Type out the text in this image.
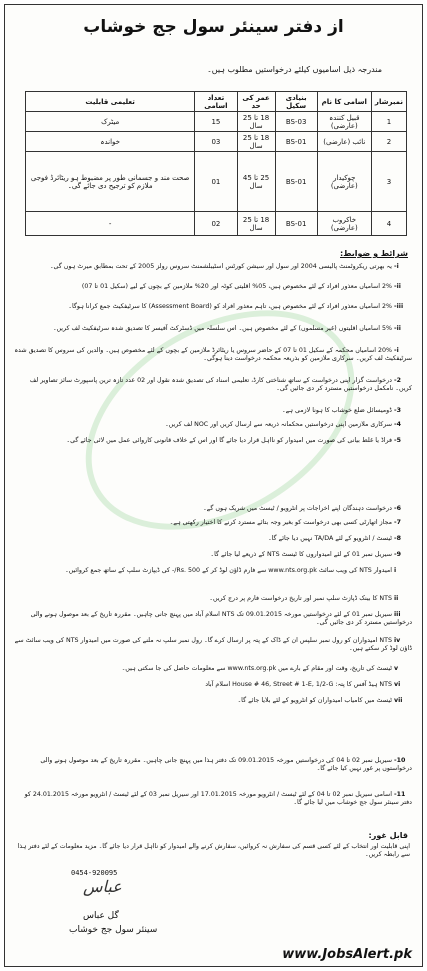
از دفتر سینئر سول جج خوشاب
مندرجہ ذیل اسامیوں کیلئے درخواستیں مطلوب ہیں۔
نمبرشار	اسامی کا نام	بنیادی سکیل	عمر کی حد	تعداد اسامی	تعلیمی قابلیت
1	قبیل کنندہ (عارضی)	BS-03	18 تا 25 سال	15	میٹرک
2	نائب (عارضی)	BS-01	18 تا 25 سال	03	خواندہ
3	چوکیدار (عارضی)	BS-01	25 تا 45 سال	01	صحت مند و جسمانی طور پر مضبوط ہو ریٹائرڈ فوجی ملازم کو ترجیح دی جائے گی۔
4	خاکروب (عارضی)	BS-01	18 تا 25 سال	02	-
شرائط و ضوابط:
i- یہ بھرتی ریکروٹمنٹ پالیسی 2004 اور سول اور سیشن کورٹس اسٹیبلشمنٹ سروس رولز 2005 کے تحت بمطابق میرٹ ہوں گی۔
ii- 2% اسامیاں معذور افراد کے لئے مخصوص ہیں، 05% اقلیتی کوٹہ اور 20% ملازمین کے بچوں کے لیے (سکیل 01 تا 07)
iii- 2% اسامیاں معذور افراد کے لئے مخصوص ہیں، تاہم معذور افراد کو (Assessment Board) کا سرٹیفکیٹ جمع کرانا ہوگا۔
ii- 5% اسامیاں اقلیتوں (غیر مسلموں) کے لئے مخصوص ہیں۔ اس سلسلہ میں ڈسٹرکٹ آفیسر کا تصدیق شدہ سرٹیفکیٹ لف کریں۔
i- 20% اسامیاں محکمہ کے سکیل 01 تا 07 کے حاضر سروس یا ریٹائرڈ ملازمین کے بچوں کے لئے مخصوص ہیں۔ والدین کی سروس کا تصدیق شدہ سرٹیفکیٹ لف کریں۔ سرکاری ملازمین کو بذریعہ محکمہ درخواست دینا ہوگی۔
2- درخواست گزار اپنی درخواست کے ساتھ شناختی کارڈ، تعلیمی اسناد کی تصدیق شدہ نقول اور 02 عدد تازہ ترین پاسپورٹ سائز تصاویر لف کریں۔ نامکمل درخواستیں مسترد کر دی جائیں گی۔
3- ڈومیسائل ضلع خوشاب کا ہونا لازمی ہے۔
4- سرکاری ملازمین اپنی درخواستیں محکمانہ ذریعہ سے ارسال کریں اور NOC لف کریں۔
5- فراڈ یا غلط بیانی کی صورت میں امیدوار کو نااہل قرار دیا جائے گا اور اس کے خلاف قانونی کاروائی عمل میں لائی جائے گی۔
6- درخواست دہندگان اپنے اخراجات پر انٹرویو / ٹیسٹ میں شریک ہوں گے۔
7- مجاز اتھارٹی کسی بھی درخواست کو بغیر وجہ بتائے مسترد کرنے کا اختیار رکھتی ہے۔
8- ٹیسٹ / انٹرویو کے لئے TA/DA نہیں دیا جائے گا۔
9- سیریل نمبر 01 کے لئے امیدواروں کا ٹیسٹ NTS کے ذریعے لیا جائے گا۔
i امیدوار NTS کی ویب سائٹ www.nts.org.pk سے فارم ڈاؤن لوڈ کر کے Rs. 500/- کی ڈیپازٹ سلپ کے ساتھ جمع کروائیں۔
ii NTS کا بینک ڈپازٹ سلپ نمبر اور تاریخ درخواست فارم پر درج کریں۔
iii سیریل نمبر 01 کے لئے درخواستیں مورخہ 09.01.2015 تک NTS اسلام آباد میں پہنچ جانی چاہیں۔ مقررہ تاریخ کے بعد موصول ہونے والی درخواستیں مسترد کر دی جائیں گی۔
iv NTS امیدواران کو رول نمبر سلپس ان کے ڈاک کے پتہ پر ارسال کرے گا۔ رول نمبر سلپ نہ ملنے کی صورت میں امیدوار NTS کی ویب سائٹ سے ڈاؤن لوڈ کر سکتے ہیں۔
v ٹیسٹ کی تاریخ، وقت اور مقام کے بارے میں www.nts.org.pk سے معلومات حاصل کی جا سکتی ہیں۔
vi NTS ہیڈ آفس کا پتہ: House # 46, Street # 1-E, 1/2-G اسلام آباد
vii ٹیسٹ میں کامیاب امیدواران کو انٹرویو کے لئے بلایا جائے گا۔
10- سیریل نمبر 02 تا 04 کی درخواستیں مورخہ 09.01.2015 تک دفتر ہذا میں پہنچ جانی چاہیں۔ مقررہ تاریخ کے بعد موصول ہونے والی درخواستوں پر غور نہیں کیا جائے گا۔
11- اسامی سیریل نمبر 02 تا 04 کے لئے ٹیسٹ / انٹرویو مورخہ 17.01.2015 اور سیریل نمبر 03 کے لئے ٹیسٹ / انٹرویو مورخہ 24.01.2015 کو دفتر سینئر سول جج خوشاب میں لیا جائے گا۔
قابل غور:
اپنی قابلیت اور انتخاب کے لئے کسی قسم کی سفارش نہ کروائیں، سفارش کرنے والے امیدوار کو نااہل قرار دیا جائے گا۔ مزید معلومات کے لئے دفتر ہذا سے رابطہ کریں۔
0454-920095
عباس
گل عباس
سینئر سول جج خوشاب
www.JobsAlert.pk
